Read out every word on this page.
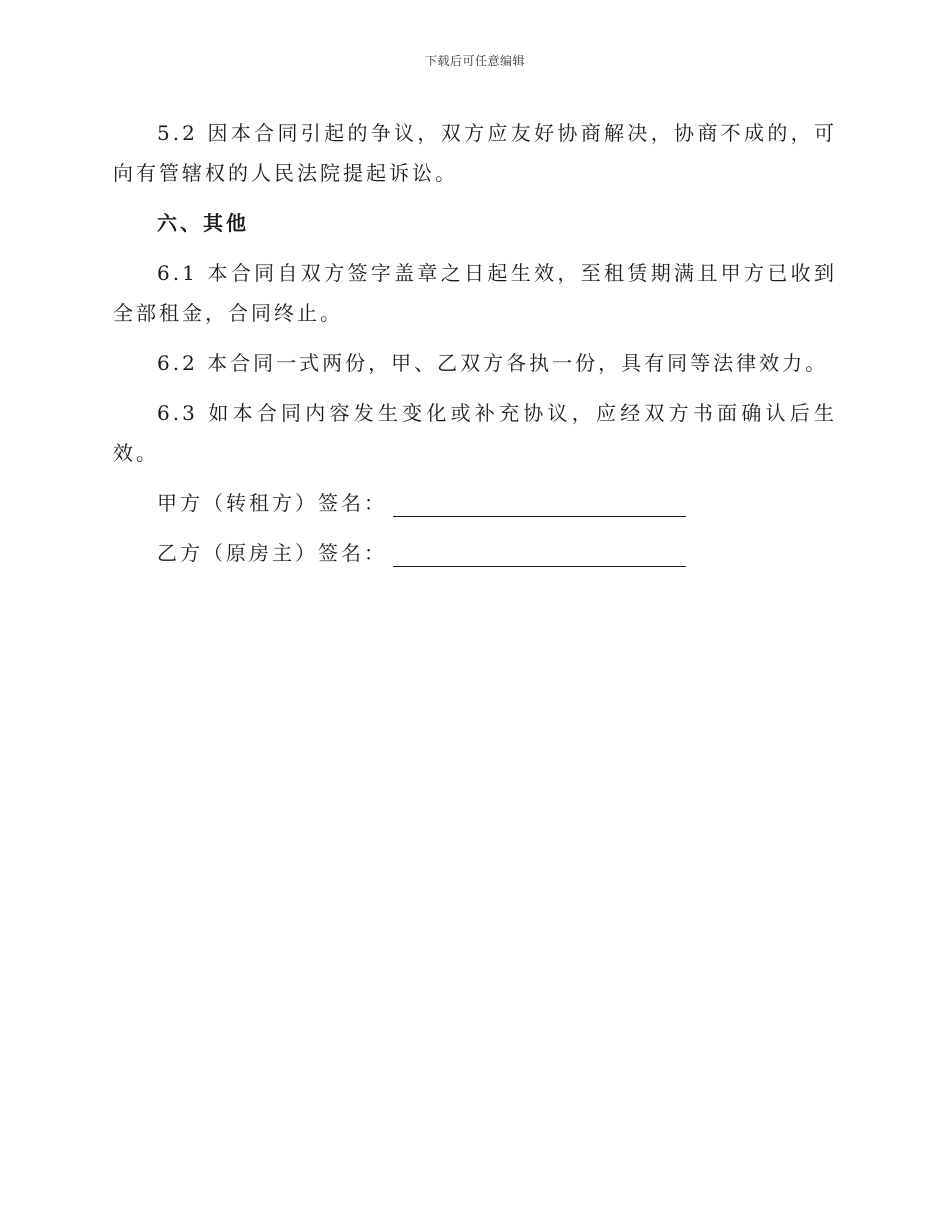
下载后可任意编辑

5.2 因本合同引起的争议，双方应友好协商解决，协商不成的，可向有管辖权的人民法院提起诉讼。

六、其他

6.1 本合同自双方签字盖章之日起生效，至租赁期满且甲方已收到全部租金，合同终止。

6.2 本合同一式两份，甲、乙双方各执一份，具有同等法律效力。

6.3 如本合同内容发生变化或补充协议，应经双方书面确认后生效。

甲方（转租方）签名：
乙方（原房主）签名：
